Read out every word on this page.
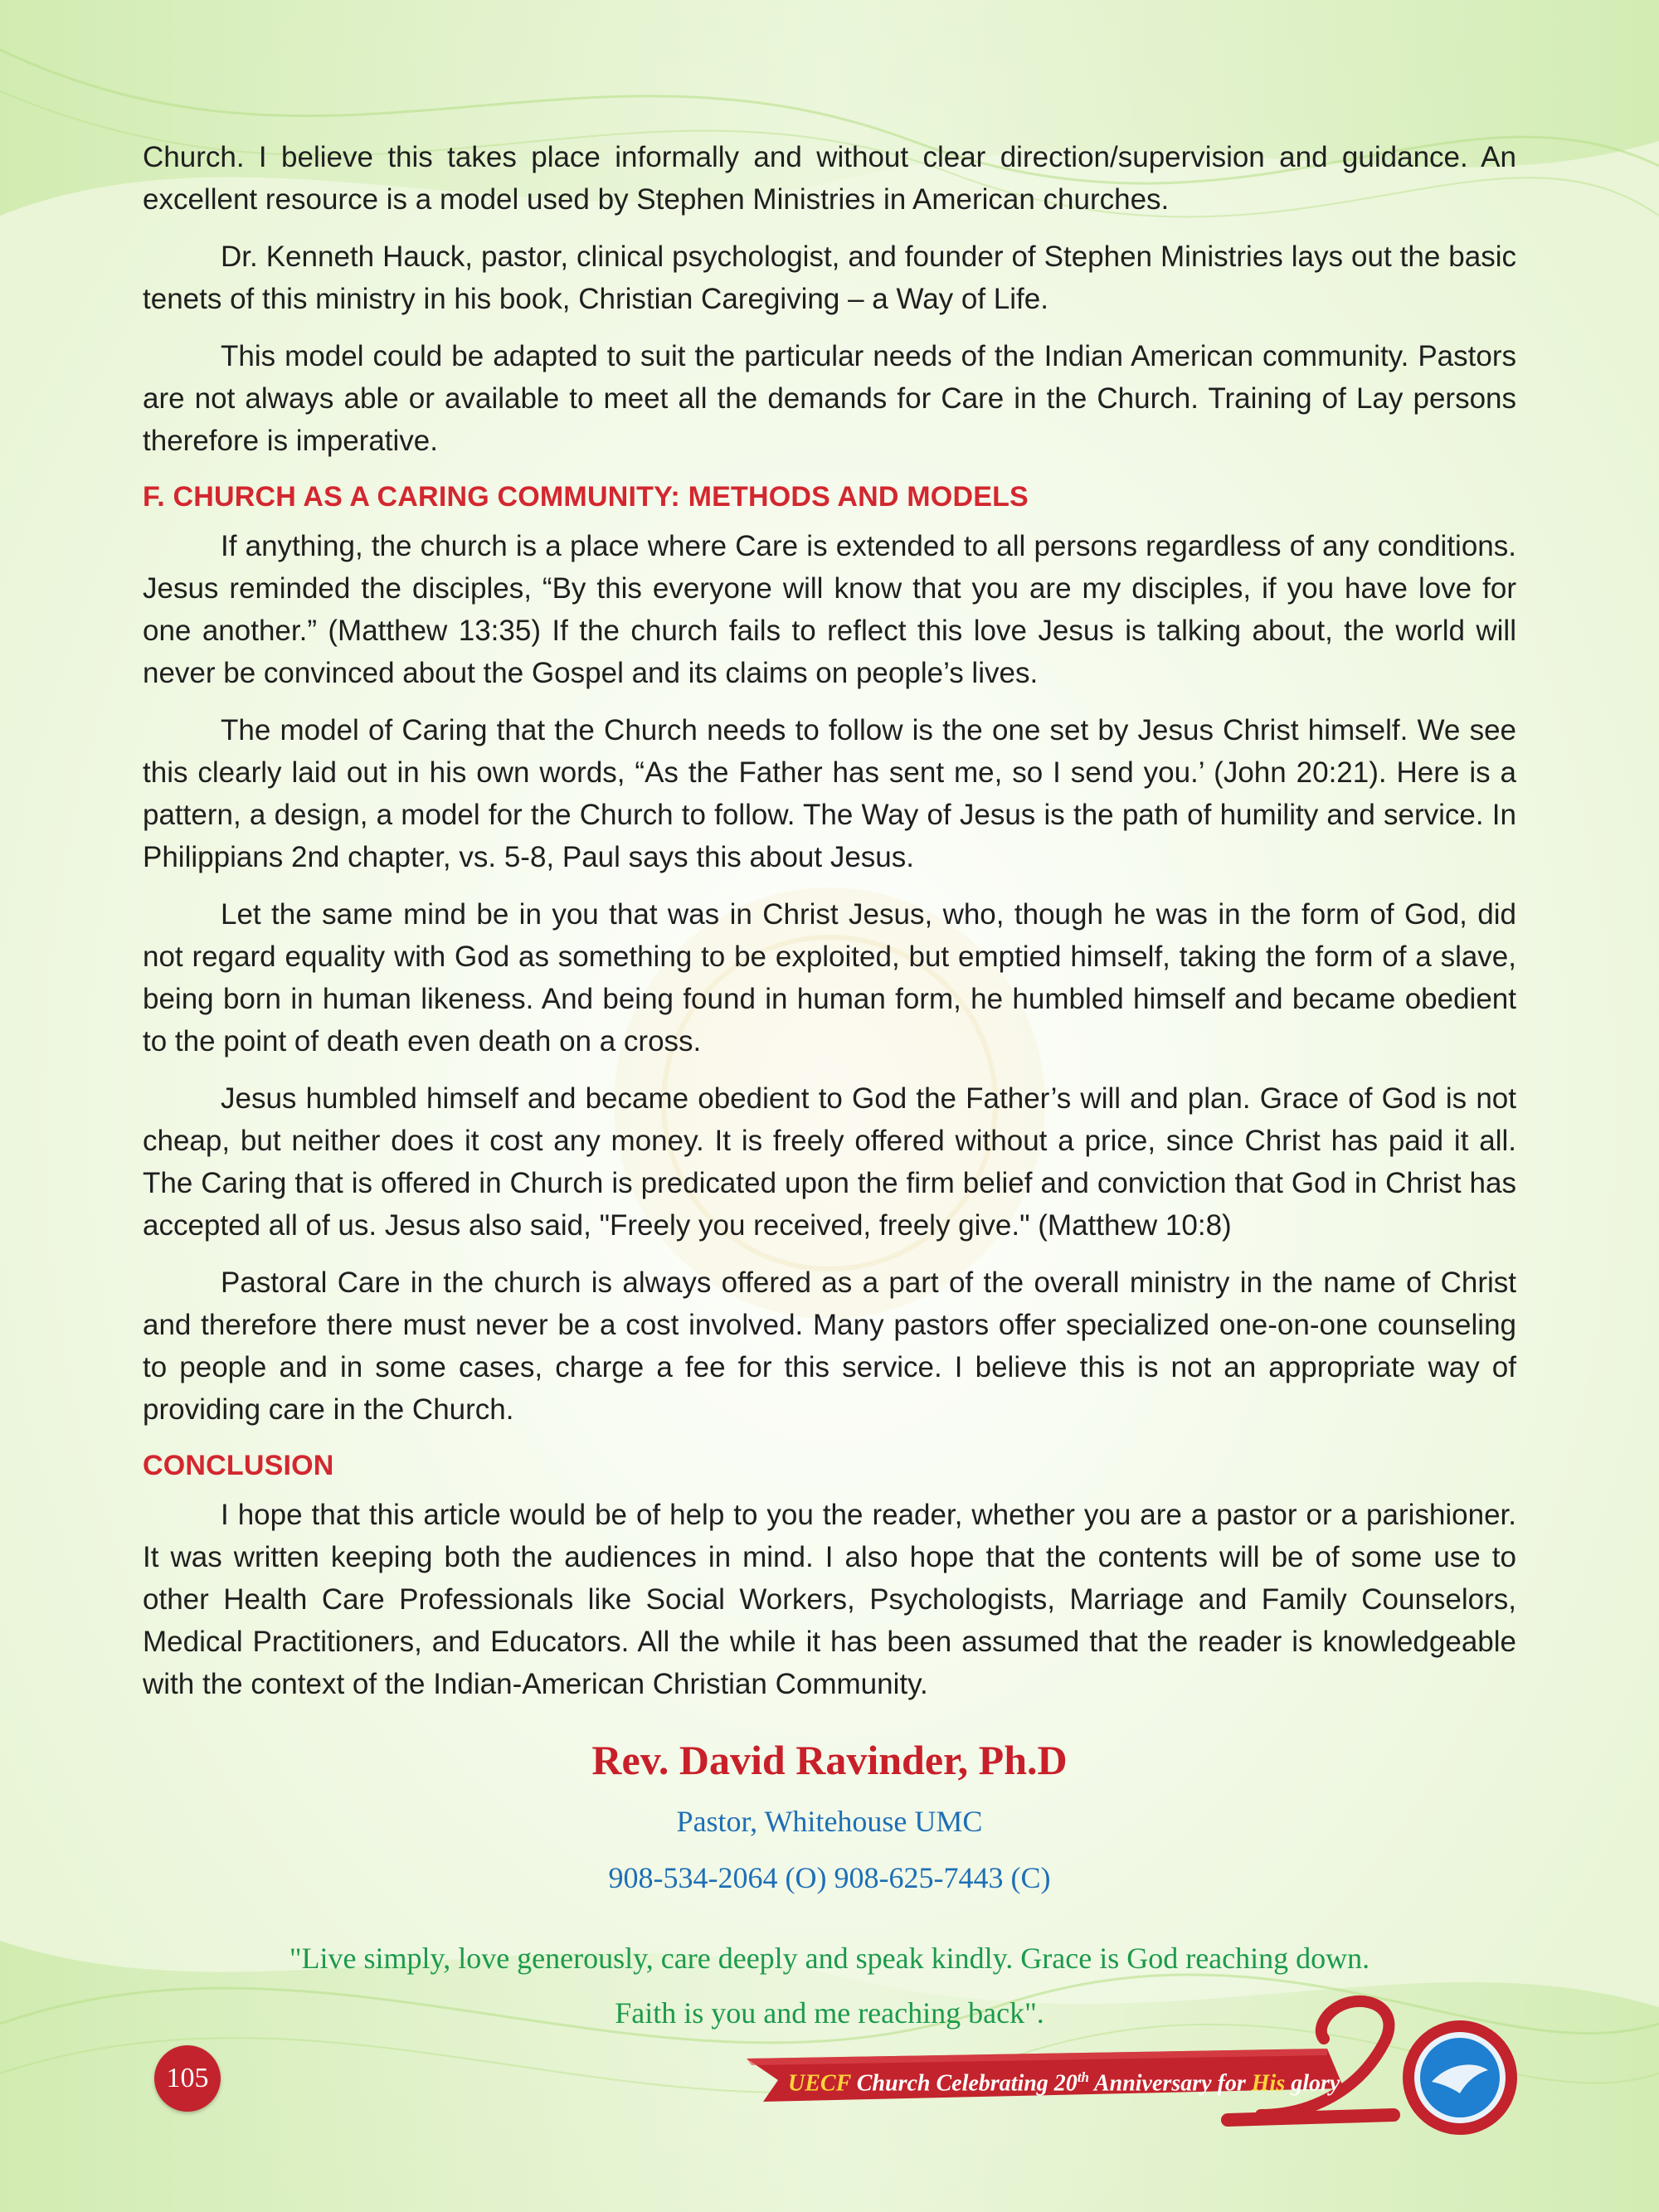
Church. I believe this takes place informally and without clear direction/supervision and guidance. An excellent resource is a model used by Stephen Ministries in American churches.

Dr. Kenneth Hauck, pastor, clinical psychologist, and founder of Stephen Ministries lays out the basic tenets of this ministry in his book, Christian Caregiving – a Way of Life.

This model could be adapted to suit the particular needs of the Indian American community. Pastors are not always able or available to meet all the demands for Care in the Church. Training of Lay persons therefore is imperative.

F. CHURCH AS A CARING COMMUNITY: METHODS AND MODELS

If anything, the church is a place where Care is extended to all persons regardless of any conditions. Jesus reminded the disciples, “By this everyone will know that you are my disciples, if you have love for one another.” (Matthew 13:35) If the church fails to reflect this love Jesus is talking about, the world will never be convinced about the Gospel and its claims on people’s lives.

The model of Caring that the Church needs to follow is the one set by Jesus Christ himself. We see this clearly laid out in his own words, “As the Father has sent me, so I send you.’ (John 20:21). Here is a pattern, a design, a model for the Church to follow. The Way of Jesus is the path of humility and service. In Philippians 2nd chapter, vs. 5-8, Paul says this about Jesus.

Let the same mind be in you that was in Christ Jesus, who, though he was in the form of God, did not regard equality with God as something to be exploited, but emptied himself, taking the form of a slave, being born in human likeness. And being found in human form, he humbled himself and became obedient to the point of death even death on a cross.

Jesus humbled himself and became obedient to God the Father’s will and plan. Grace of God is not cheap, but neither does it cost any money. It is freely offered without a price, since Christ has paid it all. The Caring that is offered in Church is predicated upon the firm belief and conviction that God in Christ has accepted all of us. Jesus also said, "Freely you received, freely give." (Matthew 10:8)

Pastoral Care in the church is always offered as a part of the overall ministry in the name of Christ and therefore there must never be a cost involved. Many pastors offer specialized one-on-one counseling to people and in some cases, charge a fee for this service. I believe this is not an appropriate way of providing care in the Church.

CONCLUSION

I hope that this article would be of help to you the reader, whether you are a pastor or a parishioner. It was written keeping both the audiences in mind. I also hope that the contents will be of some use to other Health Care Professionals like Social Workers, Psychologists, Marriage and Family Counselors, Medical Practitioners, and Educators. All the while it has been assumed that the reader is knowledgeable with the context of the Indian-American Christian Community.

Rev. David Ravinder, Ph.D
Pastor, Whitehouse UMC
908-534-2064 (O) 908-625-7443 (C)
"Live simply, love generously, care deeply and speak kindly. Grace is God reaching down.
Faith is you and me reaching back".
105	UECF Church Celebrating 20th Anniversary for His glory
